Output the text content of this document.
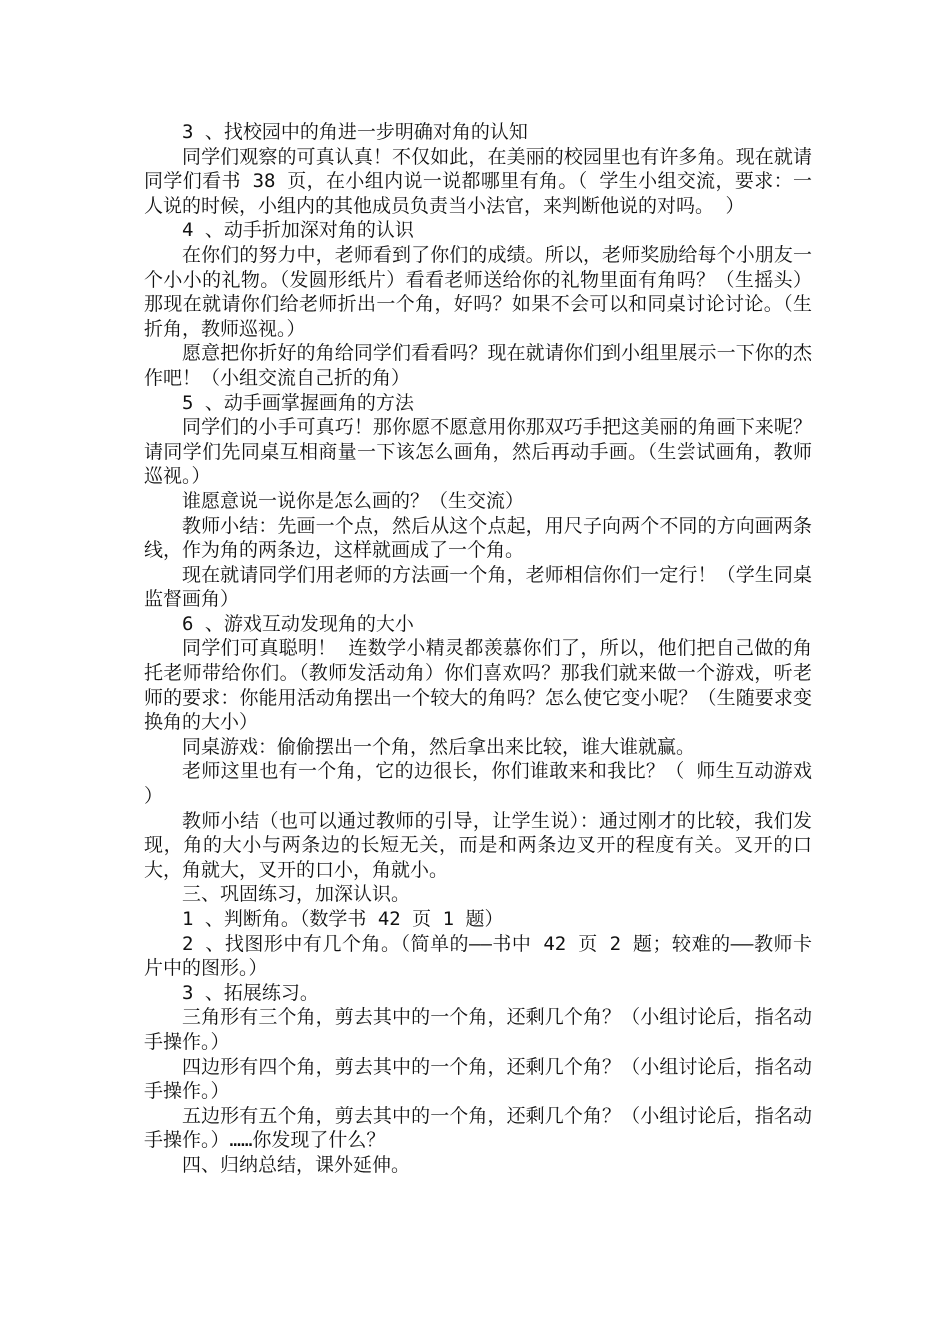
3 、找校园中的角进一步明确对角的认知

同学们观察的可真认真！不仅如此，在美丽的校园里也有许多角。现在就请同学们看书 38 页，在小组内说一说都哪里有角。（ 学生小组交流，要求：一人说的时候，小组内的其他成员负责当小法官，来判断他说的对吗。 ）

4 、动手折加深对角的认识

在你们的努力中，老师看到了你们的成绩。所以，老师奖励给每个小朋友一个小小的礼物。（发圆形纸片）看看老师送给你的礼物里面有角吗？（生摇头）那现在就请你们给老师折出一个角，好吗？如果不会可以和同桌讨论讨论。（生折角，教师巡视。）

愿意把你折好的角给同学们看看吗？现在就请你们到小组里展示一下你的杰作吧！（小组交流自己折的角）

5 、动手画掌握画角的方法

同学们的小手可真巧！那你愿不愿意用你那双巧手把这美丽的角画下来呢？请同学们先同桌互相商量一下该怎么画角，然后再动手画。（生尝试画角，教师巡视。）

谁愿意说一说你是怎么画的？（生交流）

教师小结：先画一个点，然后从这个点起，用尺子向两个不同的方向画两条线，作为角的两条边，这样就画成了一个角。

现在就请同学们用老师的方法画一个角，老师相信你们一定行！（学生同桌监督画角）

6 、游戏互动发现角的大小

同学们可真聪明！ 连数学小精灵都羡慕你们了，所以，他们把自己做的角托老师带给你们。（教师发活动角）你们喜欢吗？那我们就来做一个游戏，听老师的要求：你能用活动角摆出一个较大的角吗？怎么使它变小呢？（生随要求变换角的大小）

同桌游戏：偷偷摆出一个角，然后拿出来比较，谁大谁就赢。

老师这里也有一个角，它的边很长，你们谁敢来和我比？（ 师生互动游戏 ）

教师小结（也可以通过教师的引导，让学生说）：通过刚才的比较，我们发现，角的大小与两条边的长短无关，而是和两条边叉开的程度有关。叉开的口大，角就大，叉开的口小，角就小。

三、巩固练习，加深认识。

1 、判断角。（数学书 42 页 1 题）

2 、找图形中有几个角。（简单的——书中 42 页 2 题；较难的——教师卡片中的图形。）

3 、拓展练习。

三角形有三个角，剪去其中的一个角，还剩几个角？（小组讨论后，指名动手操作。）

四边形有四个角，剪去其中的一个角，还剩几个角？（小组讨论后，指名动手操作。）

五边形有五个角，剪去其中的一个角，还剩几个角？（小组讨论后，指名动手操作。）……你发现了什么？

四、归纳总结，课外延伸。
